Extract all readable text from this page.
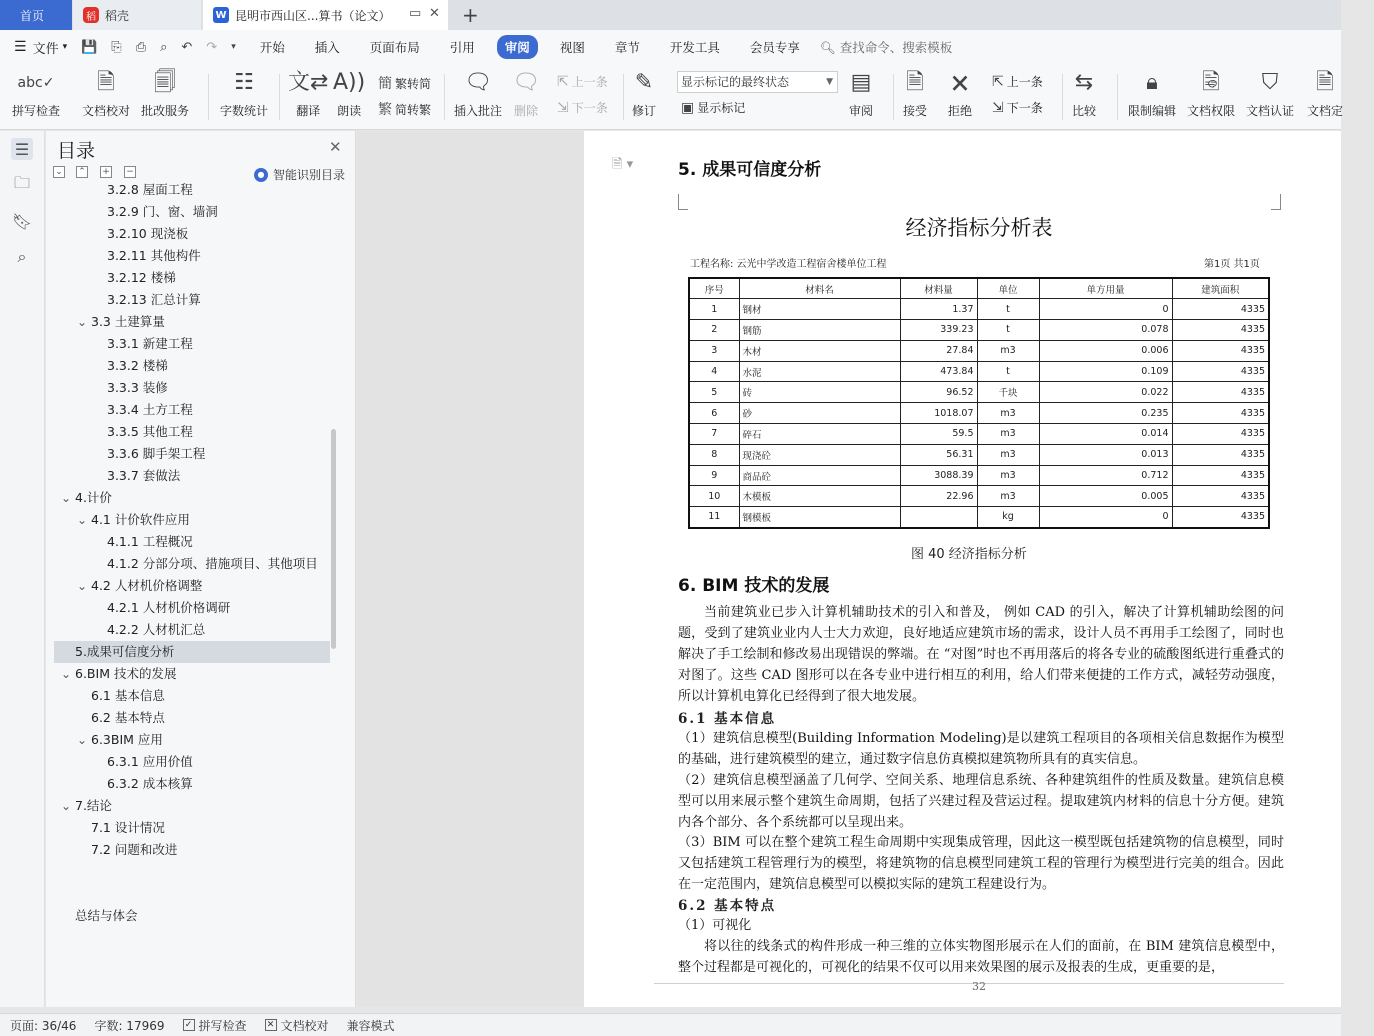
首页	稻 稻壳	W 昆明市西山区...算书（论文） ▭ ✕ +
☰ 文件 ▾ 💾 ⎘ ⎙ ⌕ ↶ ↷ ▾	开始	插入	页面布局	引用	审阅	视图	章节	开发工具	会员专享	🔍︎ 查找命令、搜索模板
abc✓
拼写检查
🗎
文档校对
🗐
批改服务
☷
字数统计
文⇄
翻译
A))
朗读
簡 繁转简
繁 简转繁
🗨
插入批注
🗨
删除
⇱ 上一条
⇲ 下一条
✎
修订
显示标记的最终状态	▼
▣ 显示标记
▤
审阅
🗎
接受
🗙
拒绝
⇱ 上一条
⇲ 下一条
⇆
比较
🔒︎
限制编辑
🗟
文档权限
⛉
文档认证
🗎
文档定
☰
🗀
🔖︎
⌕
目录	✕
⌄ ⌃ + −	● 智能识别目录
3.2.8 屋面工程
3.2.9 门、窗、墙洞
3.2.10 现浇板
3.2.11 其他构件
3.2.12 楼梯
3.2.13 汇总计算
⌄ 3.3 土建算量
3.3.1 新建工程
3.3.2 楼梯
3.3.3 装修
3.3.4 土方工程
3.3.5 其他工程
3.3.6 脚手架工程
3.3.7 套做法
⌄ 4.计价
⌄ 4.1 计价软件应用
4.1.1 工程概况
4.1.2 分部分项、措施项目、其他项目
⌄ 4.2 人材机价格调整
4.2.1 人材机价格调研
4.2.2 人材机汇总
5.成果可信度分析
⌄ 6.BIM 技术的发展
6.1 基本信息
6.2 基本特点
⌄ 6.3BIM 应用
6.3.1 应用价值
6.3.2 成本核算
⌄ 7.结论
7.1 设计情况
7.2 问题和改进
总结与体会
🗎 ▾	5. 成果可信度分析
经济指标分析表
工程名称: 云光中学改造工程宿舍楼单位工程	第1页 共1页
序号	材料名	材料量	单位	单方用量	建筑面积
1	钢材	1.37	t	0	4335
2	钢筋	339.23	t	0.078	4335
3	木材	27.84	m3	0.006	4335
4	水泥	473.84	t	0.109	4335
5	砖	96.52	千块	0.022	4335
6	砂	1018.07	m3	0.235	4335
7	碎石	59.5	m3	0.014	4335
8	现浇砼	56.31	m3	0.013	4335
9	商品砼	3088.39	m3	0.712	4335
10	木模板	22.96	m3	0.005	4335
11	钢模板		kg	0	4335
图 40 经济指标分析
6. BIM 技术的发展
当前建筑业已步入计算机辅助技术的引入和普及， 例如 CAD 的引入，解决了计算机辅助绘图的问题，受到了建筑业业内人士大力欢迎，良好地适应建筑市场的需求，设计人员不再用手工绘图了，同时也解决了手工绘制和修改易出现错误的弊端。在 “对图”时也不再用落后的将各专业的硫酸图纸进行重叠式的对图了。这些 CAD 图形可以在各专业中进行相互的利用，给人们带来便捷的工作方式，减轻劳动强度，所以计算机电算化已经得到了很大地发展。
6.1 基本信息
（1）建筑信息模型(Building Information Modeling)是以建筑工程项目的各项相关信息数据作为模型的基础，进行建筑模型的建立，通过数字信息仿真模拟建筑物所具有的真实信息。
（2）建筑信息模型涵盖了几何学、空间关系、地理信息系统、各种建筑组件的性质及数量。建筑信息模型可以用来展示整个建筑生命周期，包括了兴建过程及营运过程。提取建筑内材料的信息十分方便。建筑内各个部分、各个系统都可以呈现出来。
（3）BIM 可以在整个建筑工程生命周期中实现集成管理，因此这一模型既包括建筑物的信息模型，同时又包括建筑工程管理行为的模型，将建筑物的信息模型同建筑工程的管理行为模型进行完美的组合。因此在一定范围内，建筑信息模型可以模拟实际的建筑工程建设行为。
6.2 基本特点
（1）可视化
将以往的线条式的构件形成一种三维的立体实物图形展示在人们的面前，在 BIM 建筑信息模型中，整个过程都是可视化的，可视化的结果不仅可以用来效果图的展示及报表的生成，更重要的是，
32
页面: 36/46 字数: 17969 ✓ 拼写检查 ✕ 文档校对 兼容模式
